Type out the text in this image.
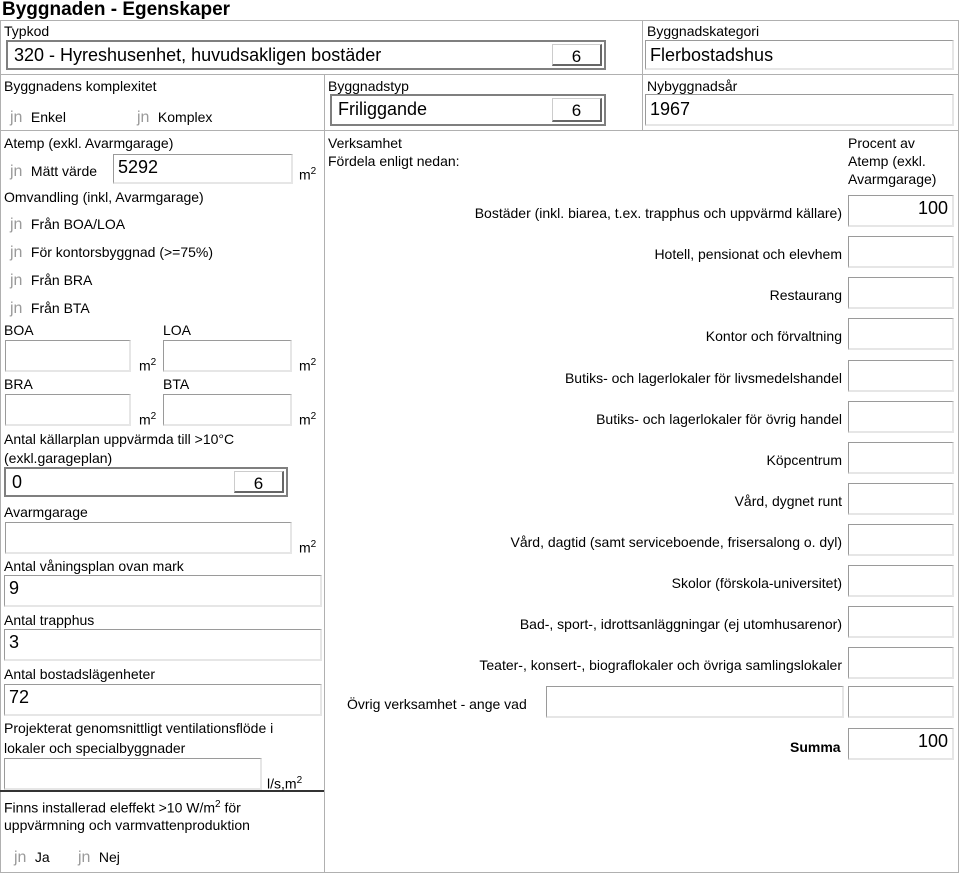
Byggnaden - Egenskaper
Typkod
320 - Hyreshusenhet, huvudsakligen bostäder	6
Byggnadskategori
Flerbostadshus
Byggnadens komplexitet
jn Enkel	jn Komplex
Byggnadstyp
Friliggande	6
Nybyggnadsår
1967
Atemp (exkl. Avarmgarage)
jn Mätt värde 5292	$m^2$
Omvandling (inkl, Avarmgarage)
jn Från BOA/LOA
jn För kontorsbyggnad (>=75%)
jn Från BRA
jn Från BTA
BOA	LOA
$m^2$	$m^2$
BRA	BTA
$m^2$	$m^2$
Antal källarplan uppvärmda till >10°C
(exkl.garageplan)
0	6
Avarmgarage
$m^2$
Antal våningsplan ovan mark
9
Antal trapphus
3
Antal bostadslägenheter
72
Projekterat genomsnittligt ventilationsflöde i
lokaler och specialbyggnader
$l/s,m^2$
Finns installerad eleffekt >10 $W/m^2$ för
uppvärmning och varmvattenproduktion
jn Ja jn Nej
Verksamhet
Fördela enligt nedan:
Procent av
Atemp (exkl.
Avarmgarage)
Bostäder (inkl. biarea, t.ex. trapphus och uppvärmd källare)	100
Hotell, pensionat och elevhem
Restaurang
Kontor och förvaltning
Butiks- och lagerlokaler för livsmedelshandel
Butiks- och lagerlokaler för övrig handel
Köpcentrum
Vård, dygnet runt
Vård, dagtid (samt serviceboende, frisersalong o. dyl)
Skolor (förskola-universitet)
Bad-, sport-, idrottsanläggningar (ej utomhusarenor)
Teater-, konsert-, biograflokaler och övriga samlingslokaler
Övrig verksamhet - ange vad
Summa	100
